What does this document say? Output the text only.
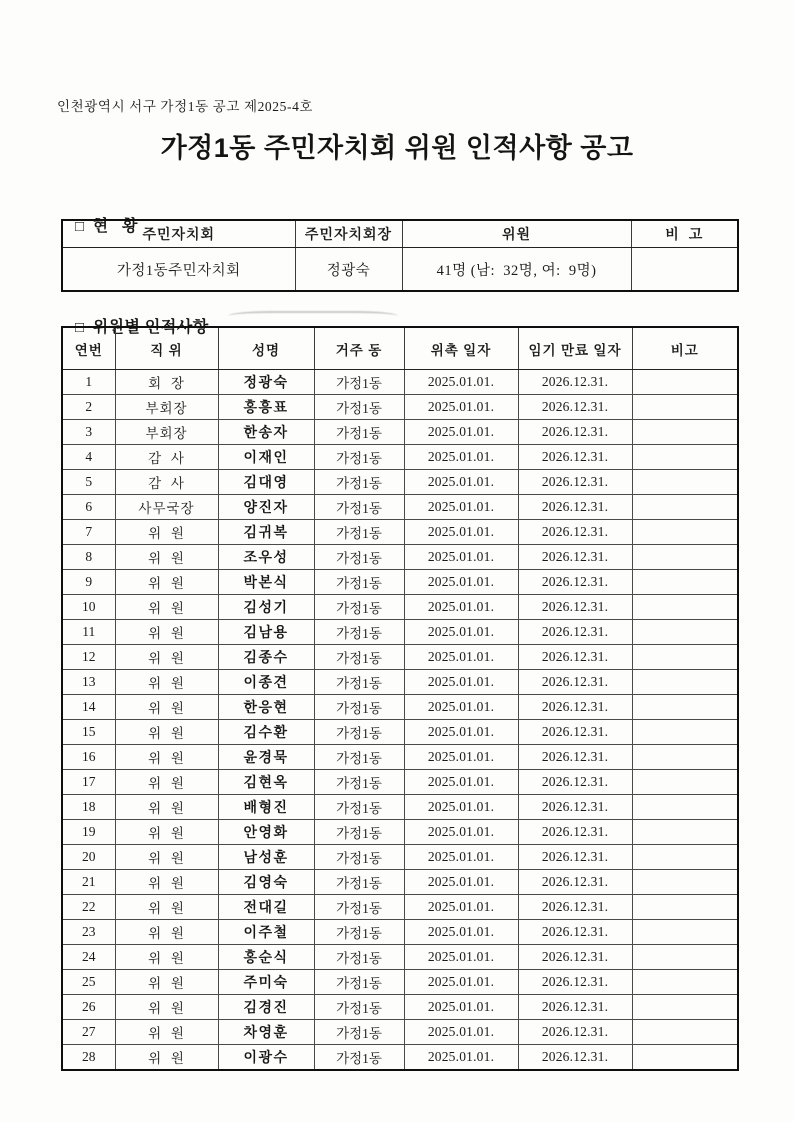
인천광역시 서구 가정1동 공고 제2025-4호
가정1동 주민자치회 위원 인적사항 공고

□ 현   황

주민자치회	주민자치회장	위원	비  고
가정1동주민자치회	정광숙	41명 (남:  32명, 여:  9명)	

□ 위원별 인적사항

연번	직 위	성명	거주 동	위촉 일자	임기 만료 일자	비고
1	회  장	정광숙	가정1동	2025.01.01.	2026.12.31.	
2	부회장	홍흥표	가정1동	2025.01.01.	2026.12.31.	
3	부회장	한송자	가정1동	2025.01.01.	2026.12.31.	
4	감  사	이재인	가정1동	2025.01.01.	2026.12.31.	
5	감  사	김대영	가정1동	2025.01.01.	2026.12.31.	
6	사무국장	양진자	가정1동	2025.01.01.	2026.12.31.	
7	위  원	김귀복	가정1동	2025.01.01.	2026.12.31.	
8	위  원	조우성	가정1동	2025.01.01.	2026.12.31.	
9	위  원	박본식	가정1동	2025.01.01.	2026.12.31.	
10	위  원	김성기	가정1동	2025.01.01.	2026.12.31.	
11	위  원	김남용	가정1동	2025.01.01.	2026.12.31.	
12	위  원	김종수	가정1동	2025.01.01.	2026.12.31.	
13	위  원	이종견	가정1동	2025.01.01.	2026.12.31.	
14	위  원	한응현	가정1동	2025.01.01.	2026.12.31.	
15	위  원	김수환	가정1동	2025.01.01.	2026.12.31.	
16	위  원	윤경묵	가정1동	2025.01.01.	2026.12.31.	
17	위  원	김현옥	가정1동	2025.01.01.	2026.12.31.	
18	위  원	배형진	가정1동	2025.01.01.	2026.12.31.	
19	위  원	안영화	가정1동	2025.01.01.	2026.12.31.	
20	위  원	남성훈	가정1동	2025.01.01.	2026.12.31.	
21	위  원	김영숙	가정1동	2025.01.01.	2026.12.31.	
22	위  원	전대길	가정1동	2025.01.01.	2026.12.31.	
23	위  원	이주철	가정1동	2025.01.01.	2026.12.31.	
24	위  원	홍순식	가정1동	2025.01.01.	2026.12.31.	
25	위  원	주미숙	가정1동	2025.01.01.	2026.12.31.	
26	위  원	김경진	가정1동	2025.01.01.	2026.12.31.	
27	위  원	차영훈	가정1동	2025.01.01.	2026.12.31.	
28	위  원	이광수	가정1동	2025.01.01.	2026.12.31.	
